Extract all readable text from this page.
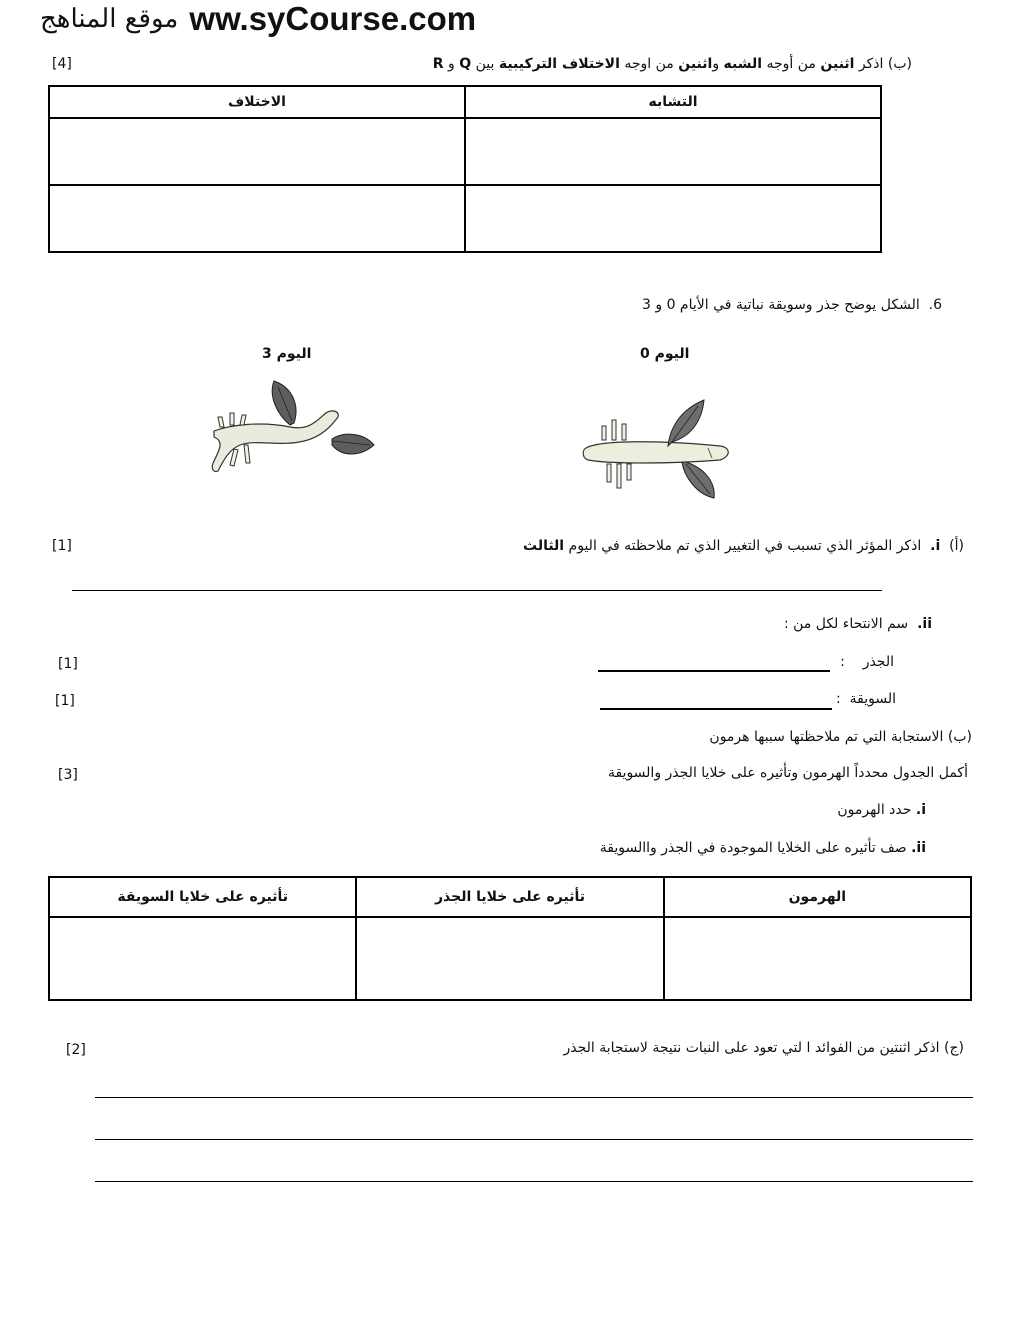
موقع المناهج ww.syCourse.com
(ب) اذكر اثنين من أوجه الشبه واثنين من اوجه الاختلاف التركيبية بين Q و R
[4]
الاختلاف	التشابه

6.  الشكل يوضح جذر وسويقة نباتية في الأيام 0 و 3
اليوم 0
اليوم 3
(أ)  i.  اذكر المؤثر الذي تسبب في التغيير الذي تم ملاحظته في اليوم الثالث
[1]
ii.  سم الانتحاء لكل من :
الجذر    :
[1]
السويقة  :
[1]
(ب) الاستجابة التي تم ملاحظتها سببها هرمون
أكمل الجدول محدداً الهرمون وتأثيره على خلايا الجذر والسويقة
[3]
i. حدد الهرمون
ii. صف تأثيره على الخلايا الموجودة في الجذر واالسويقة
تأثيره على خلايا السويقة	تأثيره على خلايا الجذر	الهرمون

(ج) اذكر اثنتين من الفوائد ا لتي تعود على النبات نتيجة لاستجابة الجذر
[2]
